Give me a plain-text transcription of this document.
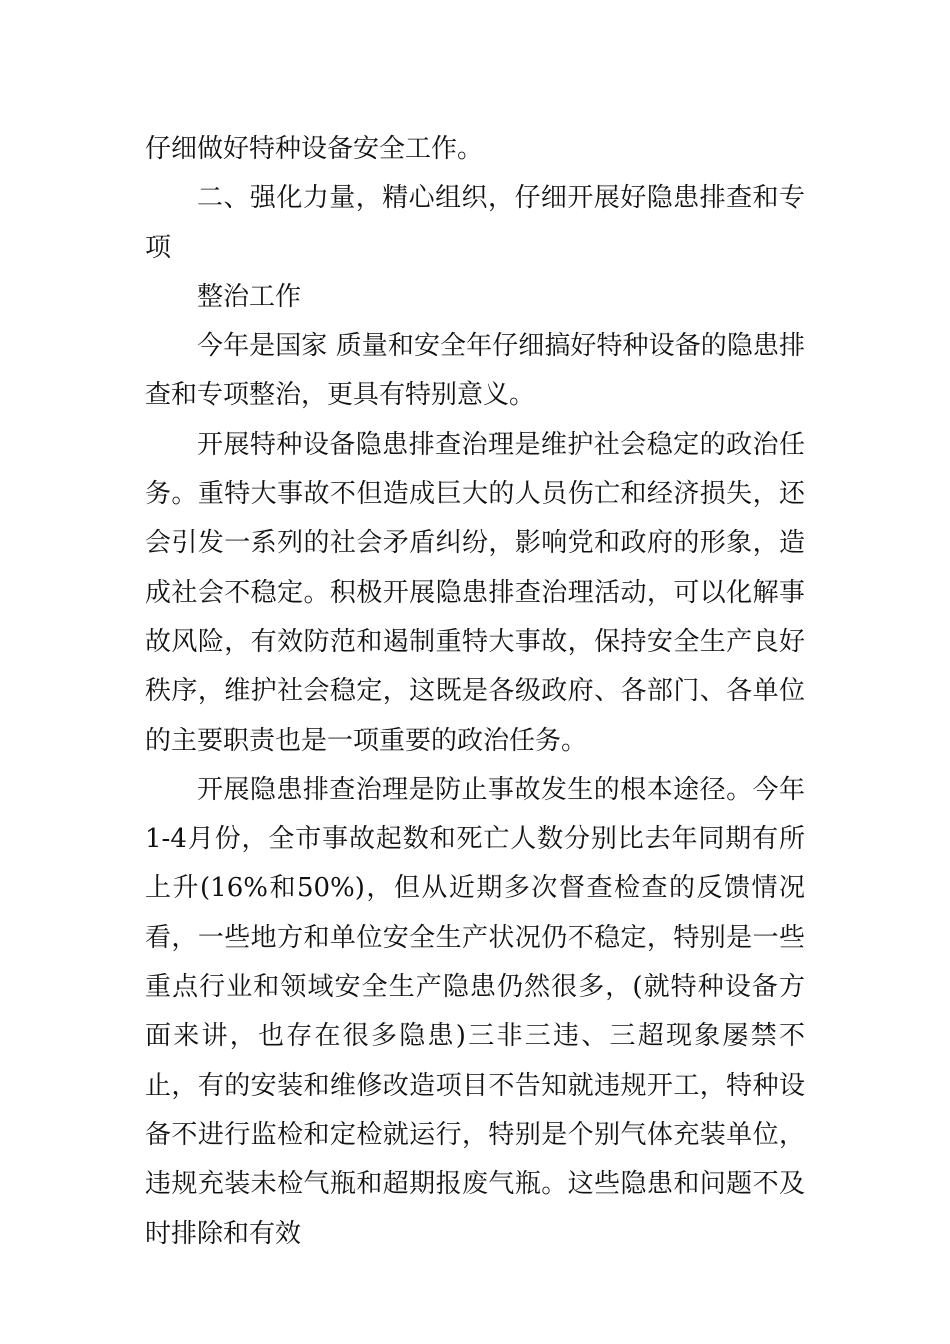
仔细做好特种设备安全工作。

二、强化力量，精心组织，仔细开展好隐患排查和专项

整治工作

今年是国家 质量和安全年仔细搞好特种设备的隐患排查和专项整治，更具有特别意义。

开展特种设备隐患排查治理是维护社会稳定的政治任务。重特大事故不但造成巨大的人员伤亡和经济损失，还会引发一系列的社会矛盾纠纷，影响党和政府的形象，造成社会不稳定。积极开展隐患排查治理活动，可以化解事故风险，有效防范和遏制重特大事故，保持安全生产良好秩序，维护社会稳定，这既是各级政府、各部门、各单位的主要职责也是一项重要的政治任务。

开展隐患排查治理是防止事故发生的根本途径。今年1-4月份，全市事故起数和死亡人数分别比去年同期有所上升(16%和50%)，但从近期多次督查检查的反馈情况看，一些地方和单位安全生产状况仍不稳定，特别是一些重点行业和领域安全生产隐患仍然很多，(就特种设备方面来讲，也存在很多隐患)三非三违、三超现象屡禁不止，有的安装和维修改造项目不告知就违规开工，特种设备不进行监检和定检就运行，特别是个别气体充装单位，违规充装未检气瓶和超期报废气瓶。这些隐患和问题不及时排除和有效
